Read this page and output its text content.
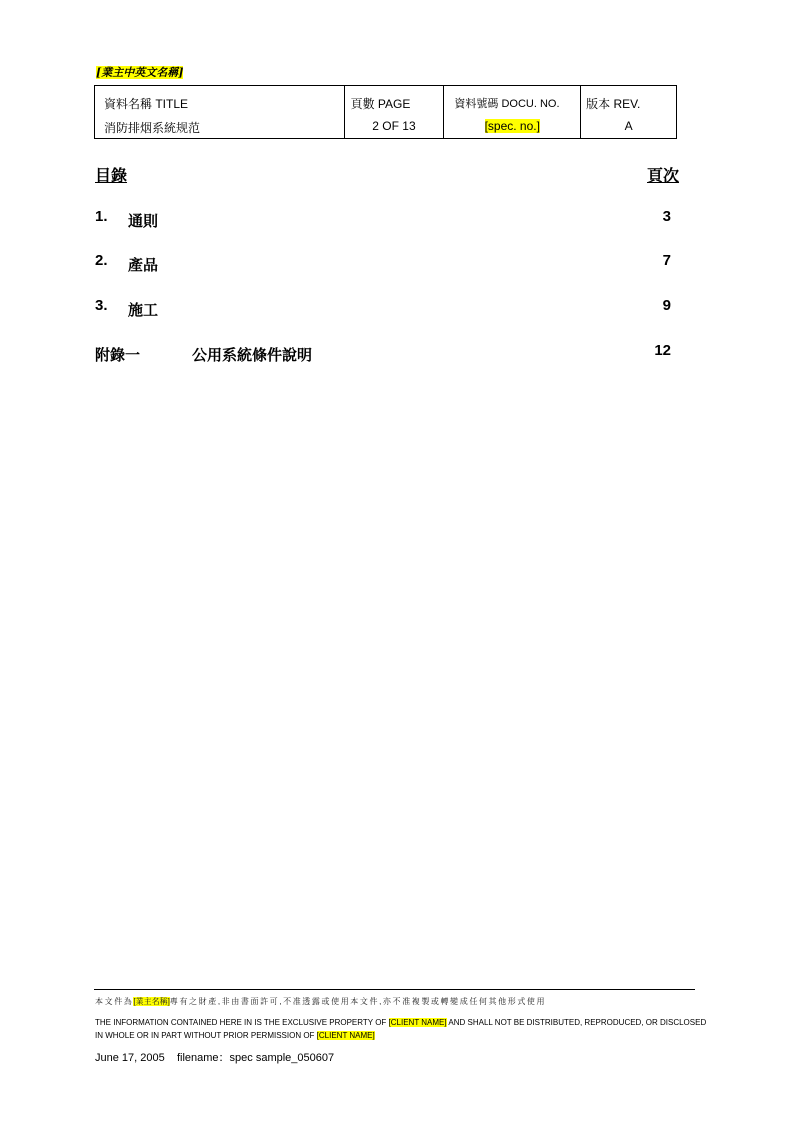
[業主中英文名稱]
資料名稱 TITLE
消防排烟系統规范

頁數 PAGE
2 OF 13

資料號碼 DOCU. NO.
[spec. no.]

版本 REV.
A
目錄	頁次
1. 通則	3
2. 產品	7
3. 施工	9
附錄一	公用系統條件說明	12
本文件為[業主名稱]專有之財產,非由書面許可,不准透露或使用本文件,亦不准複製或轉變成任何其他形式使用
THE INFORMATION CONTAINED HERE IN IS THE EXCLUSIVE PROPERTY OF [CLIENT NAME] AND SHALL NOT BE DISTRIBUTED, REPRODUCED, OR DISCLOSED
IN WHOLE OR IN PART WITHOUT PRIOR PERMISSION OF [CLIENT NAME]
June 17, 2005 filename：spec sample_050607
